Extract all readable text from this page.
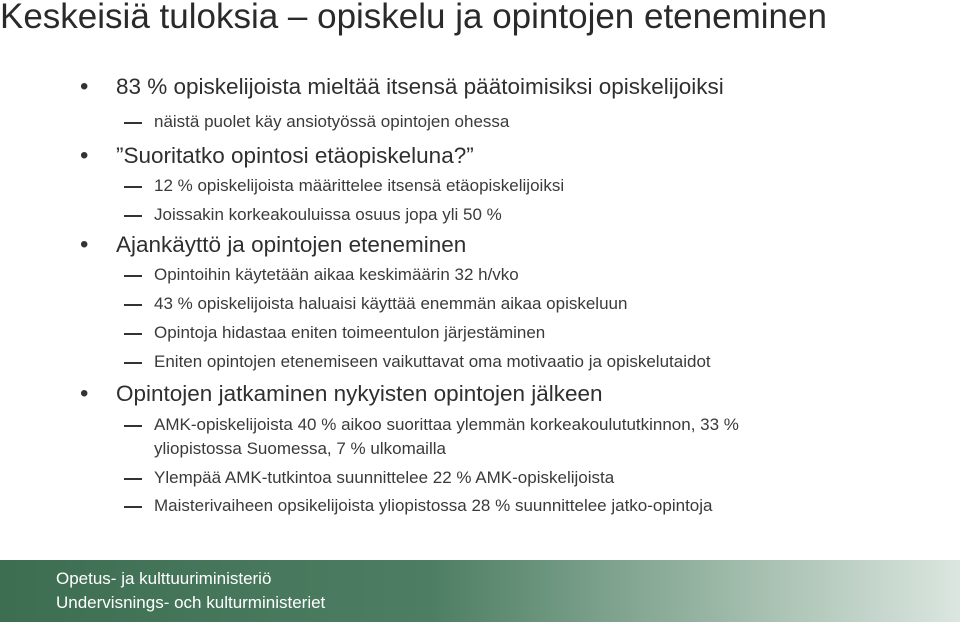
Keskeisiä tuloksia – opiskelu ja opintojen eteneminen
• 83 % opiskelijoista mieltää itsensä päätoimisiksi opiskelijoiksi
näistä puolet käy ansiotyössä opintojen ohessa
• ”Suoritatko opintosi etäopiskeluna?”
12 % opiskelijoista määrittelee itsensä etäopiskelijoiksi
Joissakin korkeakouluissa osuus jopa yli 50 %
• Ajankäyttö ja opintojen eteneminen
Opintoihin käytetään aikaa keskimäärin 32 h/vko
43 % opiskelijoista haluaisi käyttää enemmän aikaa opiskeluun
Opintoja hidastaa eniten toimeentulon järjestäminen
Eniten opintojen etenemiseen vaikuttavat oma motivaatio ja opiskelutaidot
• Opintojen jatkaminen nykyisten opintojen jälkeen
AMK-opiskelijoista 40 % aikoo suorittaa ylemmän korkeakoulututkinnon, 33 %
yliopistossa Suomessa, 7 % ulkomailla
Ylempää AMK-tutkintoa suunnittelee 22 % AMK-opiskelijoista
Maisterivaiheen opsikelijoista yliopistossa 28 % suunnittelee jatko-opintoja
Opetus- ja kulttuuriministeriö
Undervisnings- och kulturministeriet
